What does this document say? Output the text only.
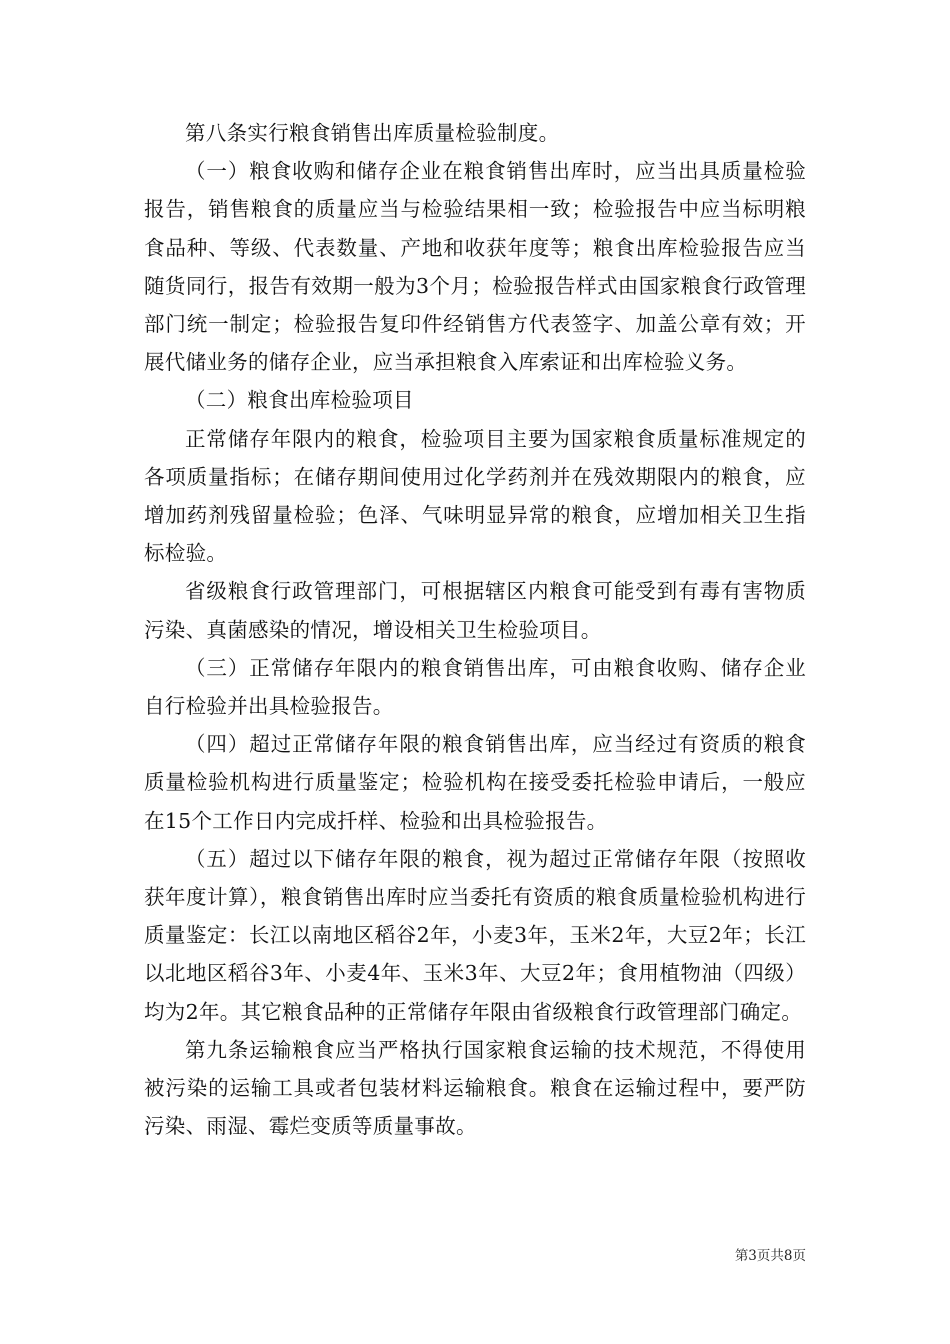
第八条实行粮食销售出库质量检验制度。

（一）粮食收购和储存企业在粮食销售出库时，应当出具质量检验报告，销售粮食的质量应当与检验结果相一致；检验报告中应当标明粮食品种、等级、代表数量、产地和收获年度等；粮食出库检验报告应当随货同行，报告有效期一般为3个月；检验报告样式由国家粮食行政管理部门统一制定；检验报告复印件经销售方代表签字、加盖公章有效；开展代储业务的储存企业，应当承担粮食入库索证和出库检验义务。

（二）粮食出库检验项目

正常储存年限内的粮食，检验项目主要为国家粮食质量标准规定的各项质量指标；在储存期间使用过化学药剂并在残效期限内的粮食，应增加药剂残留量检验；色泽、气味明显异常的粮食，应增加相关卫生指标检验。

省级粮食行政管理部门，可根据辖区内粮食可能受到有毒有害物质污染、真菌感染的情况，增设相关卫生检验项目。

（三）正常储存年限内的粮食销售出库，可由粮食收购、储存企业自行检验并出具检验报告。

（四）超过正常储存年限的粮食销售出库，应当经过有资质的粮食质量检验机构进行质量鉴定；检验机构在接受委托检验申请后，一般应在15个工作日内完成扦样、检验和出具检验报告。

（五）超过以下储存年限的粮食，视为超过正常储存年限（按照收获年度计算），粮食销售出库时应当委托有资质的粮食质量检验机构进行质量鉴定：长江以南地区稻谷2年，小麦3年，玉米2年，大豆2年；长江以北地区稻谷3年、小麦4年、玉米3年、大豆2年；食用植物油（四级）均为2年。其它粮食品种的正常储存年限由省级粮食行政管理部门确定。

第九条运输粮食应当严格执行国家粮食运输的技术规范，不得使用被污染的运输工具或者包装材料运输粮食。粮食在运输过程中，要严防污染、雨湿、霉烂变质等质量事故。

第3页共8页
